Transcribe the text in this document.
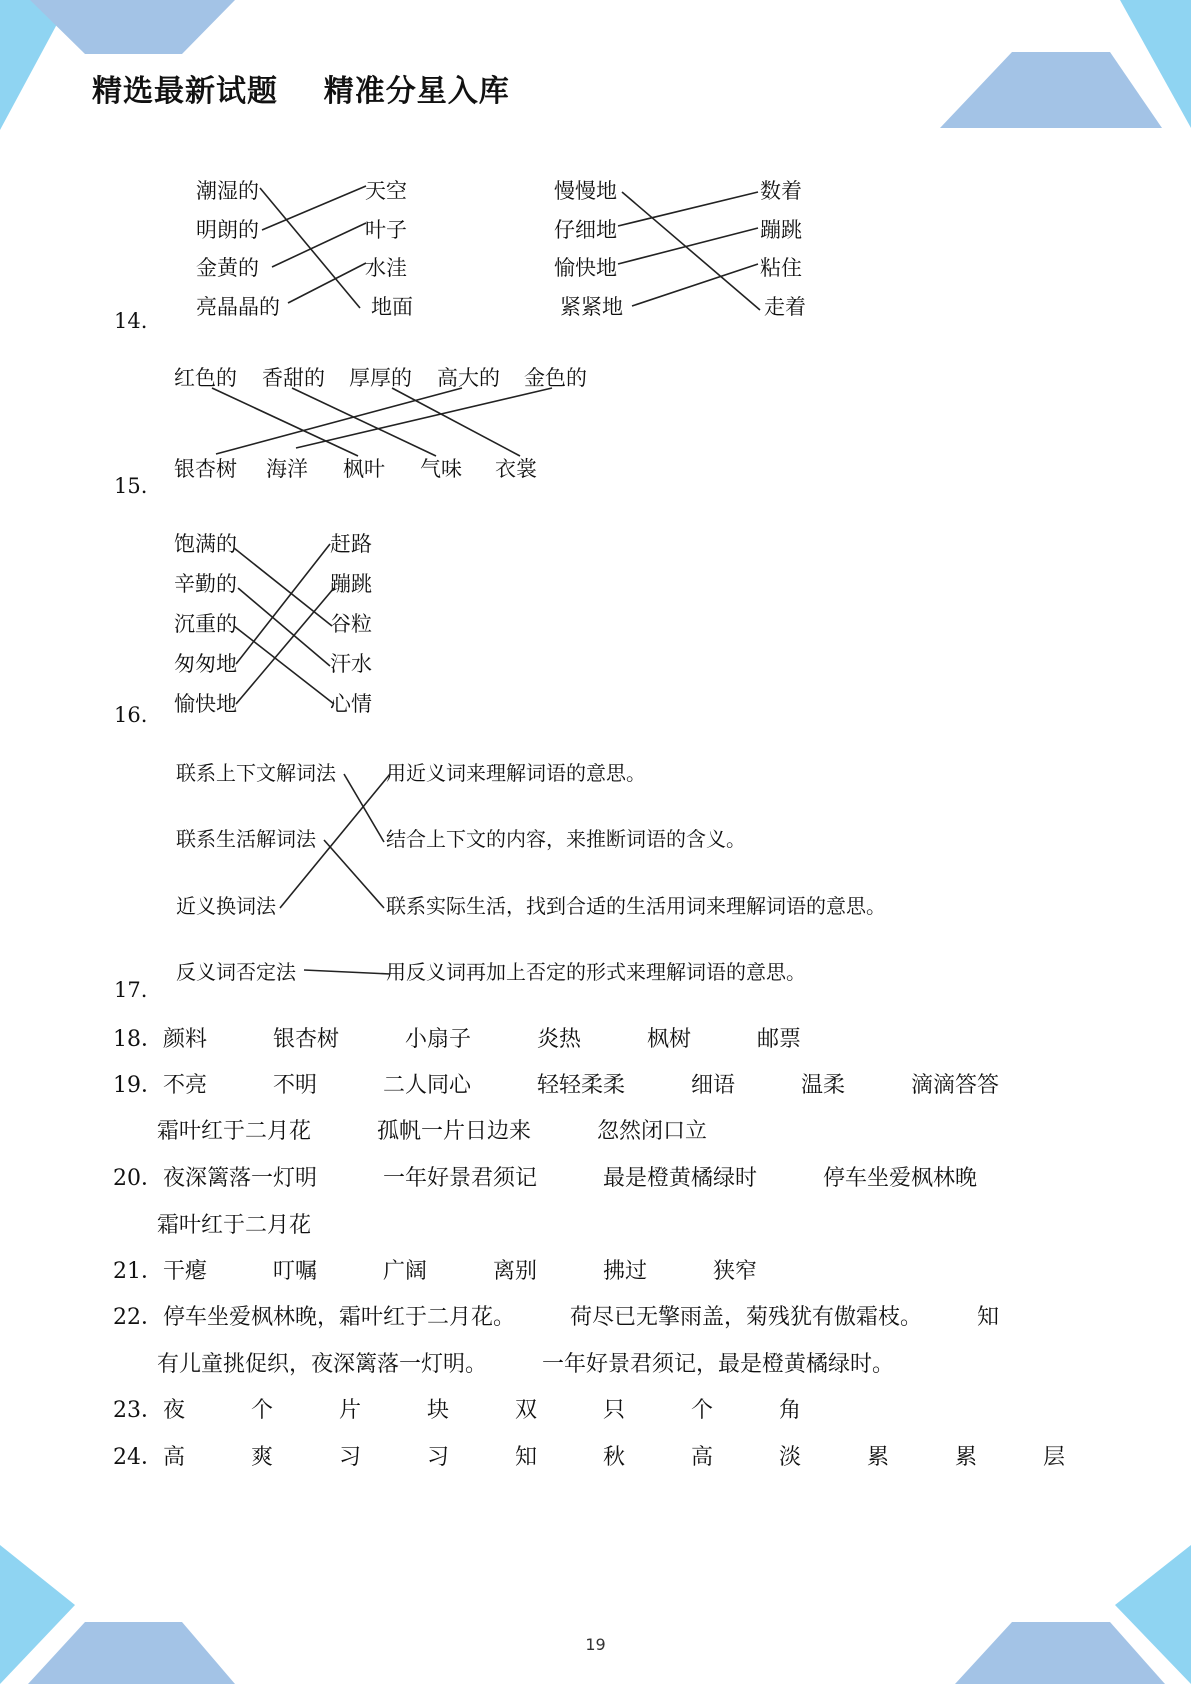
精选最新试题    精准分星入库
14.
潮湿的
明朗的
金黄的
亮晶晶的
天空
叶子
水洼
地面
慢慢地
仔细地
愉快地
紧紧地
数着
蹦跳
粘住
走着
15.
红色的 香甜的 厚厚的 高大的 金色的
银杏树 海洋 枫叶 气味 衣裳
16.
饱满的
辛勤的
沉重的
匆匆地
愉快地
赶路
蹦跳
谷粒
汗水
心情
17.
联系上下文解词法
联系生活解词法
近义换词法
反义词否定法
用近义词来理解词语的意思。
结合上下文的内容，来推断词语的含义。
联系实际生活，找到合适的生活用词来理解词语的意思。
用反义词再加上否定的形式来理解词语的意思。
18．颜料　　　银杏树　　　小扇子　　　炎热　　　枫树　　　邮票
19．不亮　　　不明　　　二人同心　　　轻轻柔柔　　　细语　　　温柔　　　滴滴答答
霜叶红于二月花　　　孤帆一片日边来　　　忽然闭口立
20．夜深篱落一灯明　　　一年好景君须记　　　最是橙黄橘绿时　　　停车坐爱枫林晚
霜叶红于二月花
21．干瘪　　　叮嘱　　　广阔　　　离别　　　拂过　　　狭窄
22．停车坐爱枫林晚，霜叶红于二月花。　　　荷尽已无擎雨盖，菊残犹有傲霜枝。　　　知
有儿童挑促织，夜深篱落一灯明。　　　一年好景君须记，最是橙黄橘绿时。
23．夜　　　个　　　片　　　块　　　双　　　只　　　个　　　角
24．高　　　爽　　　习　　　习　　　知　　　秋　　　高　　　淡　　　累　　　累　　　层
19
